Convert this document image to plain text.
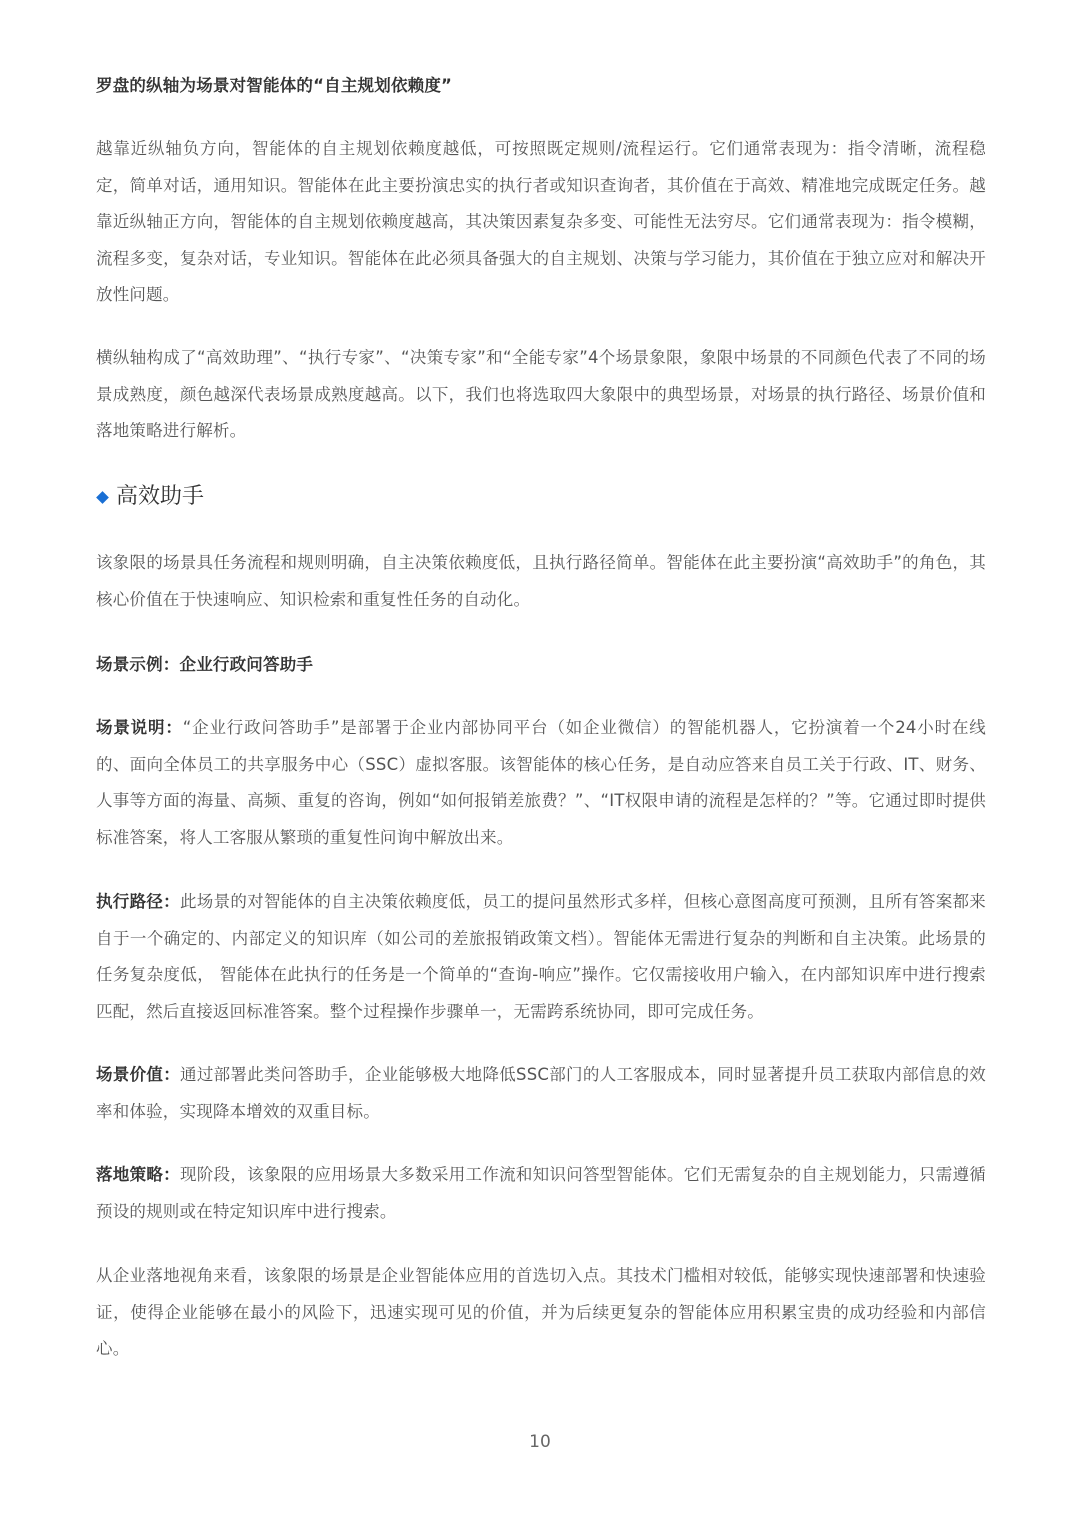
罗盘的纵轴为场景对智能体的“自主规划依赖度”
越靠近纵轴负方向，智能体的自主规划依赖度越低，可按照既定规则/流程运行。它们通常表现为：指令清晰，流程稳定，简单对话，通用知识。智能体在此主要扮演忠实的执行者或知识查询者，其价值在于高效、精准地完成既定任务。越靠近纵轴正方向，智能体的自主规划依赖度越高，其决策因素复杂多变、可能性无法穷尽。它们通常表现为：指令模糊，流程多变，复杂对话，专业知识。智能体在此必须具备强大的自主规划、决策与学习能力，其价值在于独立应对和解决开放性问题。
横纵轴构成了“高效助理”、“执行专家”、“决策专家”和“全能专家”4个场景象限，象限中场景的不同颜色代表了不同的场景成熟度，颜色越深代表场景成熟度越高。以下，我们也将选取四大象限中的典型场景，对场景的执行路径、场景价值和落地策略进行解析。
高效助手
该象限的场景具任务流程和规则明确，自主决策依赖度低，且执行路径简单。智能体在此主要扮演“高效助手”的角色，其核心价值在于快速响应、知识检索和重复性任务的自动化。
场景示例：企业行政问答助手
场景说明：“企业行政问答助手”是部署于企业内部协同平台（如企业微信）的智能机器人，它扮演着一个24小时在线的、面向全体员工的共享服务中心（SSC）虚拟客服。该智能体的核心任务，是自动应答来自员工关于行政、IT、财务、人事等方面的海量、高频、重复的咨询，例如“如何报销差旅费？”、“IT权限申请的流程是怎样的？”等。它通过即时提供标准答案，将人工客服从繁琐的重复性问询中解放出来。
执行路径：此场景的对智能体的自主决策依赖度低，员工的提问虽然形式多样，但核心意图高度可预测，且所有答案都来自于一个确定的、内部定义的知识库（如公司的差旅报销政策文档）。智能体无需进行复杂的判断和自主决策。此场景的任务复杂度低， 智能体在此执行的任务是一个简单的“查询-响应”操作。它仅需接收用户输入，在内部知识库中进行搜索匹配，然后直接返回标准答案。整个过程操作步骤单一，无需跨系统协同，即可完成任务。
场景价值：通过部署此类问答助手，企业能够极大地降低SSC部门的人工客服成本，同时显著提升员工获取内部信息的效率和体验，实现降本增效的双重目标。
落地策略：现阶段，该象限的应用场景大多数采用工作流和知识问答型智能体。它们无需复杂的自主规划能力，只需遵循预设的规则或在特定知识库中进行搜索。
从企业落地视角来看，该象限的场景是企业智能体应用的首选切入点。其技术门槛相对较低，能够实现快速部署和快速验证，使得企业能够在最小的风险下，迅速实现可见的价值，并为后续更复杂的智能体应用积累宝贵的成功经验和内部信心。
10
